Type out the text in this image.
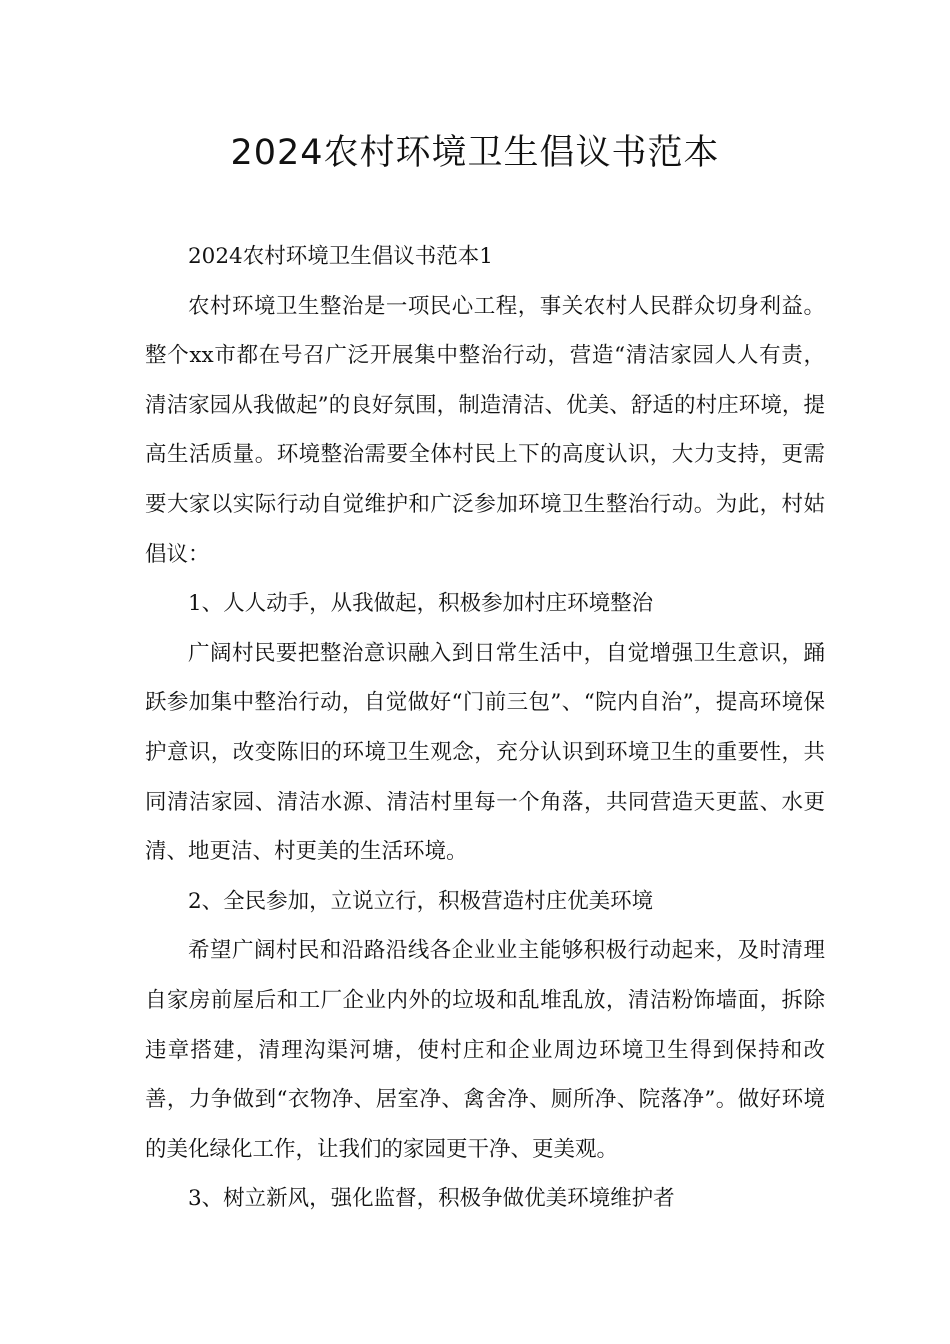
2024农村环境卫生倡议书范本

2024农村环境卫生倡议书范本1

农村环境卫生整治是一项民心工程，事关农村人民群众切身利益。整个xx市都在号召广泛开展集中整治行动，营造“清洁家园人人有责，清洁家园从我做起”的良好氛围，制造清洁、优美、舒适的村庄环境，提高生活质量。环境整治需要全体村民上下的高度认识，大力支持，更需要大家以实际行动自觉维护和广泛参加环境卫生整治行动。为此，村姑倡议：

1、人人动手，从我做起，积极参加村庄环境整治

广阔村民要把整治意识融入到日常生活中，自觉增强卫生意识，踊跃参加集中整治行动，自觉做好“门前三包”、“院内自治”，提高环境保护意识，改变陈旧的环境卫生观念，充分认识到环境卫生的重要性，共同清洁家园、清洁水源、清洁村里每一个角落，共同营造天更蓝、水更清、地更洁、村更美的生活环境。

2、全民参加，立说立行，积极营造村庄优美环境

希望广阔村民和沿路沿线各企业业主能够积极行动起来，及时清理自家房前屋后和工厂企业内外的垃圾和乱堆乱放，清洁粉饰墙面，拆除违章搭建，清理沟渠河塘，使村庄和企业周边环境卫生得到保持和改善，力争做到“衣物净、居室净、禽舍净、厕所净、院落净”。做好环境的美化绿化工作，让我们的家园更干净、更美观。

3、树立新风，强化监督，积极争做优美环境维护者
